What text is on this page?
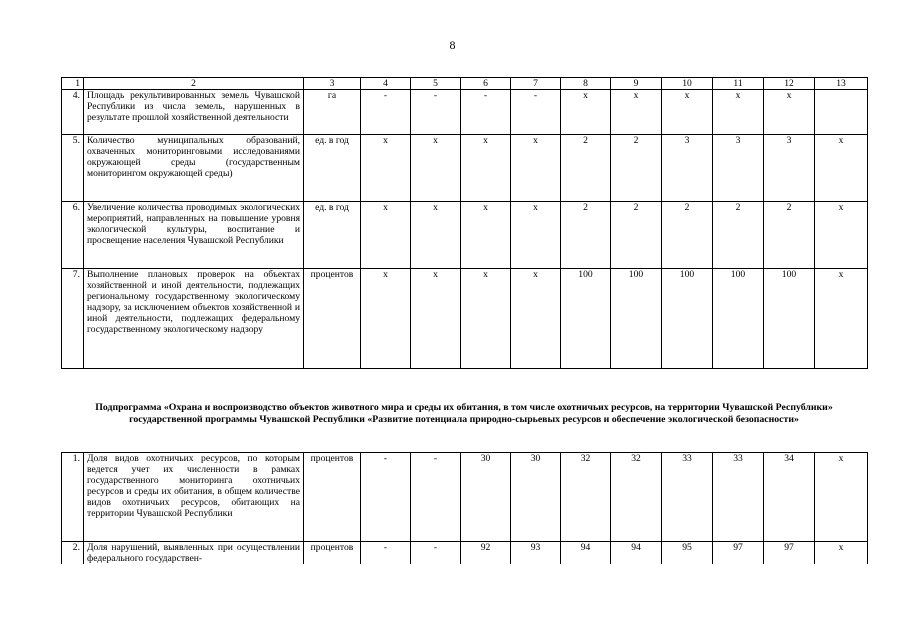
8
1	2	3	4	5	6	7	8	9	10	11	12	13
4.	Площадь рекультивированных земель Чувашской Республики из числа земель, нарушенных в результате прошлой хозяйственной деятельности	га	-	-	-	-	x	x	x	x	x	
5.	Количество муниципальных образований, охваченных мониторинговыми исследованиями окружающей среды (государственным мониторингом окружающей среды)	ед. в год	x	x	x	x	2	2	3	3	3	x
6.	Увеличение количества проводимых экологических мероприятий, направленных на повышение уровня экологической культуры, воспитание и просвещение населения Чувашской Республики	ед. в год	x	x	x	x	2	2	2	2	2	x
7.	Выполнение плановых проверок на объектах хозяйственной и иной деятельности, подлежащих региональному государственному экологическому надзору, за исключением объектов хозяйственной и иной деятельности, подлежащих федеральному государственному экологическому надзору	процентов	x	x	x	x	100	100	100	100	100	x
Подпрограмма «Охрана и воспроизводство объектов животного мира и среды их обитания, в том числе охотничьих ресурсов, на территории Чувашской Республики» государственной программы Чувашской Республики «Развитие потенциала природно-сырьевых ресурсов и обеспечение экологической безопасности»
1.	Доля видов охотничьих ресурсов, по которым ведется учет их численности в рамках государственного мониторинга охотничьих ресурсов и среды их обитания, в общем количестве видов охотничьих ресурсов, обитающих на территории Чувашской Республики	процентов	-	-	30	30	32	32	33	33	34	x
2.	Доля нарушений, выявленных при осуществлении федерального государствен-	процентов	-	-	92	93	94	94	95	97	97	x
